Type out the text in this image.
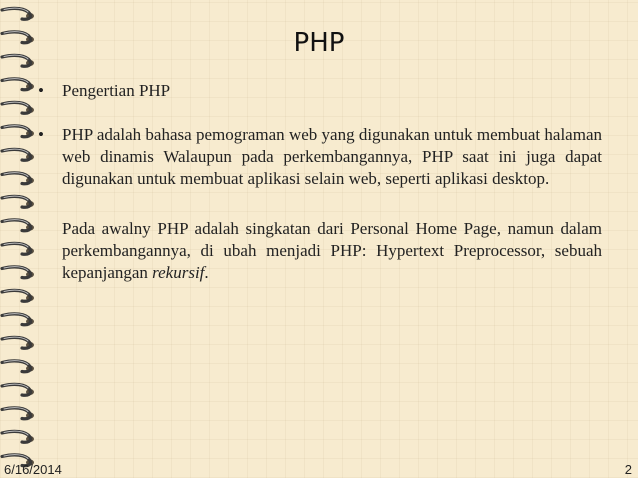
PHP
• Pengertian PHP
• PHP adalah bahasa pemograman web yang digunakan untuk membuat halaman web dinamis Walaupun pada perkembangannya, PHP saat ini juga dapat digunakan untuk membuat aplikasi selain web, seperti aplikasi desktop.

Pada awalny PHP adalah singkatan dari Personal Home Page, namun dalam perkembangannya, di ubah menjadi PHP: Hypertext Preprocessor, sebuah kepanjangan rekursif.

6/16/2014	2
